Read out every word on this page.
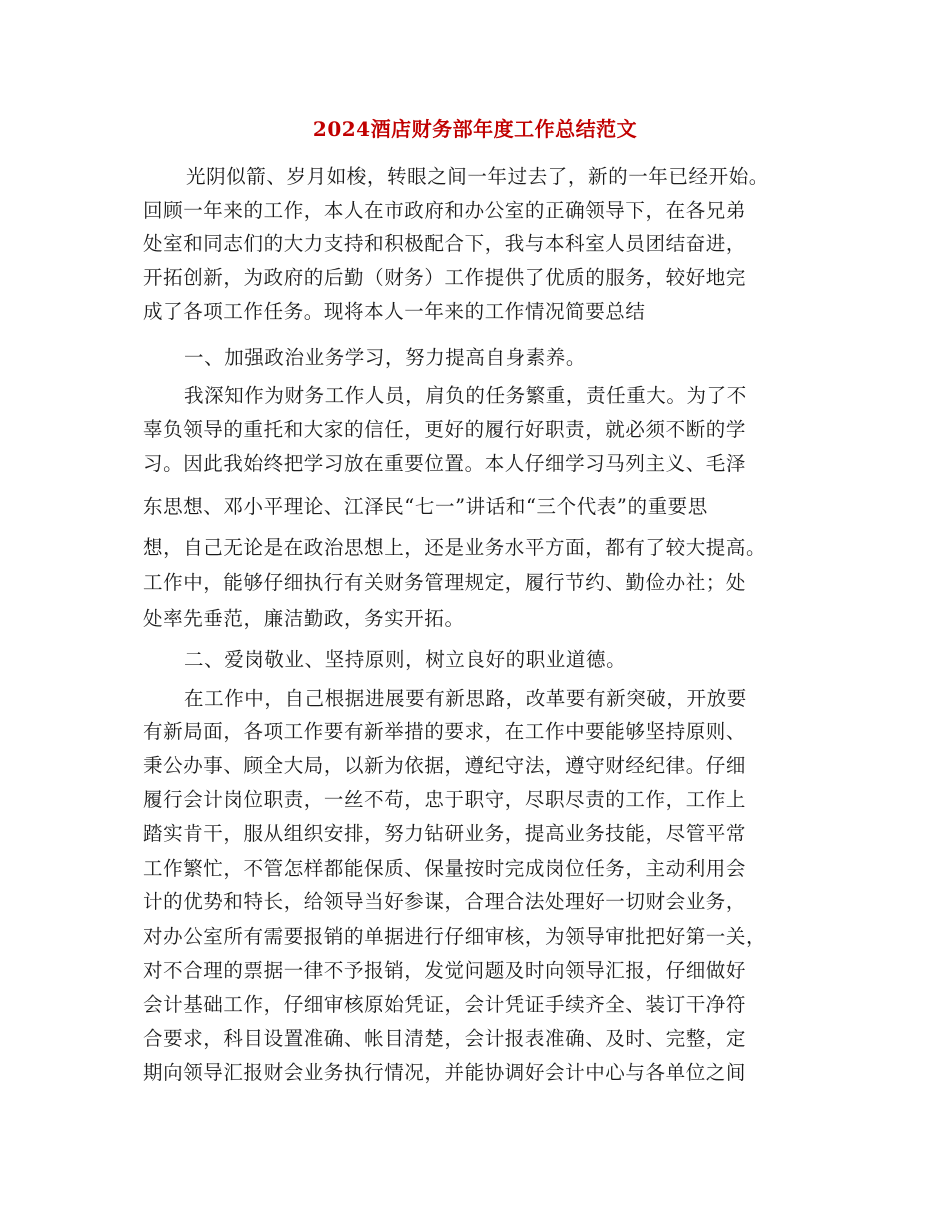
2024酒店财务部年度工作总结范文
光阴似箭、岁月如梭，转眼之间一年过去了，新的一年已经开始。
回顾一年来的工作，本人在市政府和办公室的正确领导下，在各兄弟
处室和同志们的大力支持和积极配合下，我与本科室人员团结奋进，
开拓创新，为政府的后勤（财务）工作提供了优质的服务，较好地完
成了各项工作任务。现将本人一年来的工作情况简要总结
一、加强政治业务学习，努力提高自身素养。
我深知作为财务工作人员，肩负的任务繁重，责任重大。为了不
辜负领导的重托和大家的信任，更好的履行好职责，就必须不断的学
习。因此我始终把学习放在重要位置。本人仔细学习马列主义、毛泽
东思想、邓小平理论、江泽民“七一”讲话和“三个代表”的重要思
想，自己无论是在政治思想上，还是业务水平方面，都有了较大提高。
工作中，能够仔细执行有关财务管理规定，履行节约、勤俭办社；处
处率先垂范，廉洁勤政，务实开拓。
二、爱岗敬业、坚持原则，树立良好的职业道德。
在工作中，自己根据进展要有新思路，改革要有新突破，开放要
有新局面，各项工作要有新举措的要求，在工作中要能够坚持原则、
秉公办事、顾全大局，以新为依据，遵纪守法，遵守财经纪律。仔细
履行会计岗位职责，一丝不苟，忠于职守，尽职尽责的工作，工作上
踏实肯干，服从组织安排，努力钻研业务，提高业务技能，尽管平常
工作繁忙，不管怎样都能保质、保量按时完成岗位任务，主动利用会
计的优势和特长，给领导当好参谋，合理合法处理好一切财会业务，
对办公室所有需要报销的单据进行仔细审核，为领导审批把好第一关，
对不合理的票据一律不予报销，发觉问题及时向领导汇报，仔细做好
会计基础工作，仔细审核原始凭证，会计凭证手续齐全、装订干净符
合要求，科目设置准确、帐目清楚，会计报表准确、及时、完整，定
期向领导汇报财会业务执行情况，并能协调好会计中心与各单位之间
